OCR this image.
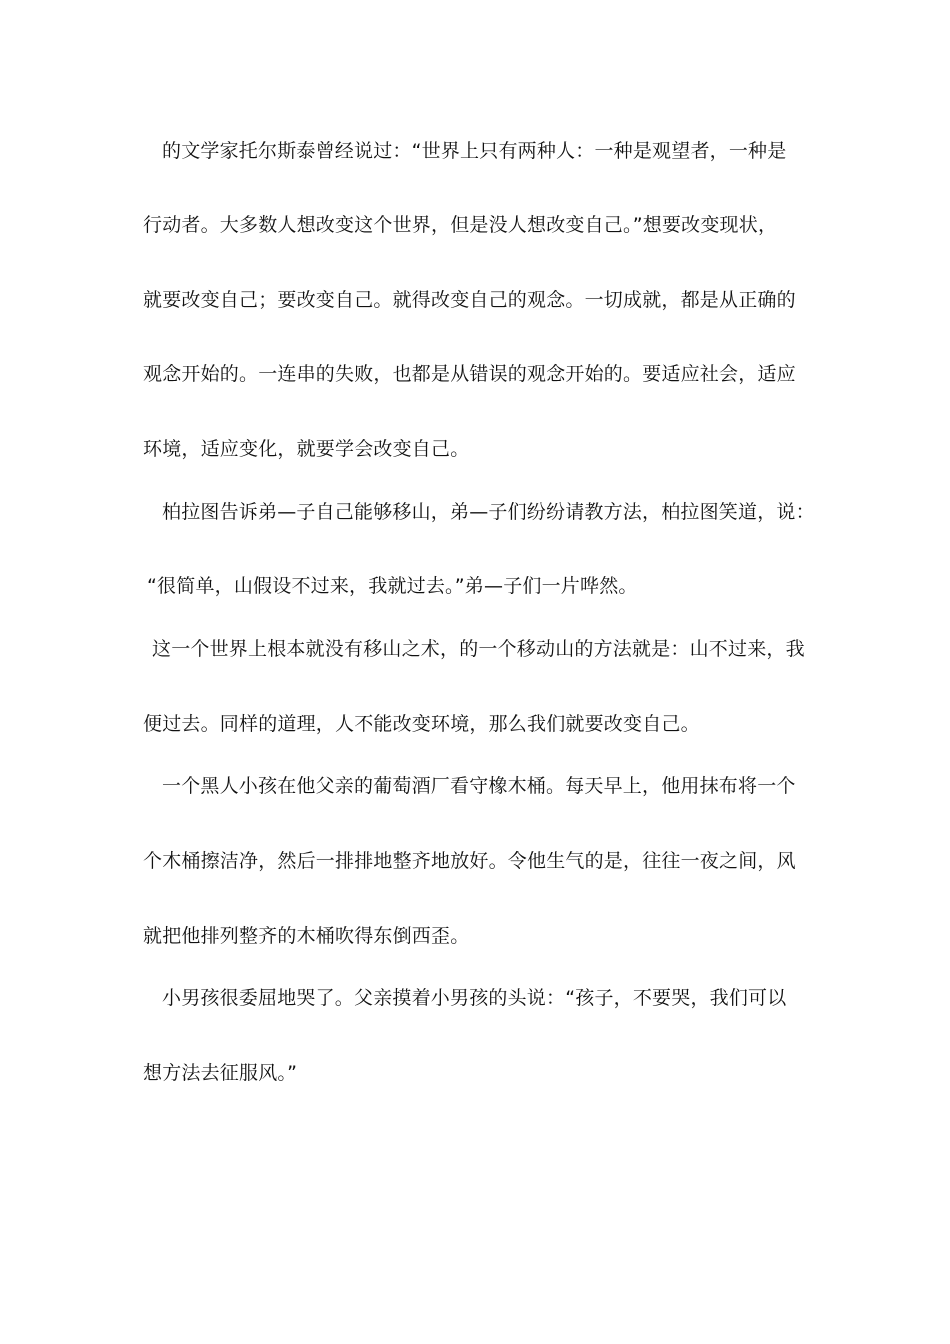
的文学家托尔斯泰曾经说过：“世界上只有两种人：一种是观望者，一种是
行动者。大多数人想改变这个世界，但是没人想改变自己。”想要改变现状，
就要改变自己；要改变自己。就得改变自己的观念。一切成就，都是从正确的
观念开始的。一连串的失败，也都是从错误的观念开始的。要适应社会，适应
环境，适应变化，就要学会改变自己。
柏拉图告诉弟—子自己能够移山，弟—子们纷纷请教方法，柏拉图笑道，说：
“很简单，山假设不过来，我就过去。”弟—子们一片哗然。
这一个世界上根本就没有移山之术，的一个移动山的方法就是：山不过来，我
便过去。同样的道理，人不能改变环境，那么我们就要改变自己。
一个黑人小孩在他父亲的葡萄酒厂看守橡木桶。每天早上，他用抹布将一个
个木桶擦洁净，然后一排排地整齐地放好。令他生气的是，往往一夜之间，风
就把他排列整齐的木桶吹得东倒西歪。
小男孩很委屈地哭了。父亲摸着小男孩的头说：“孩子，不要哭，我们可以
想方法去征服风。”
